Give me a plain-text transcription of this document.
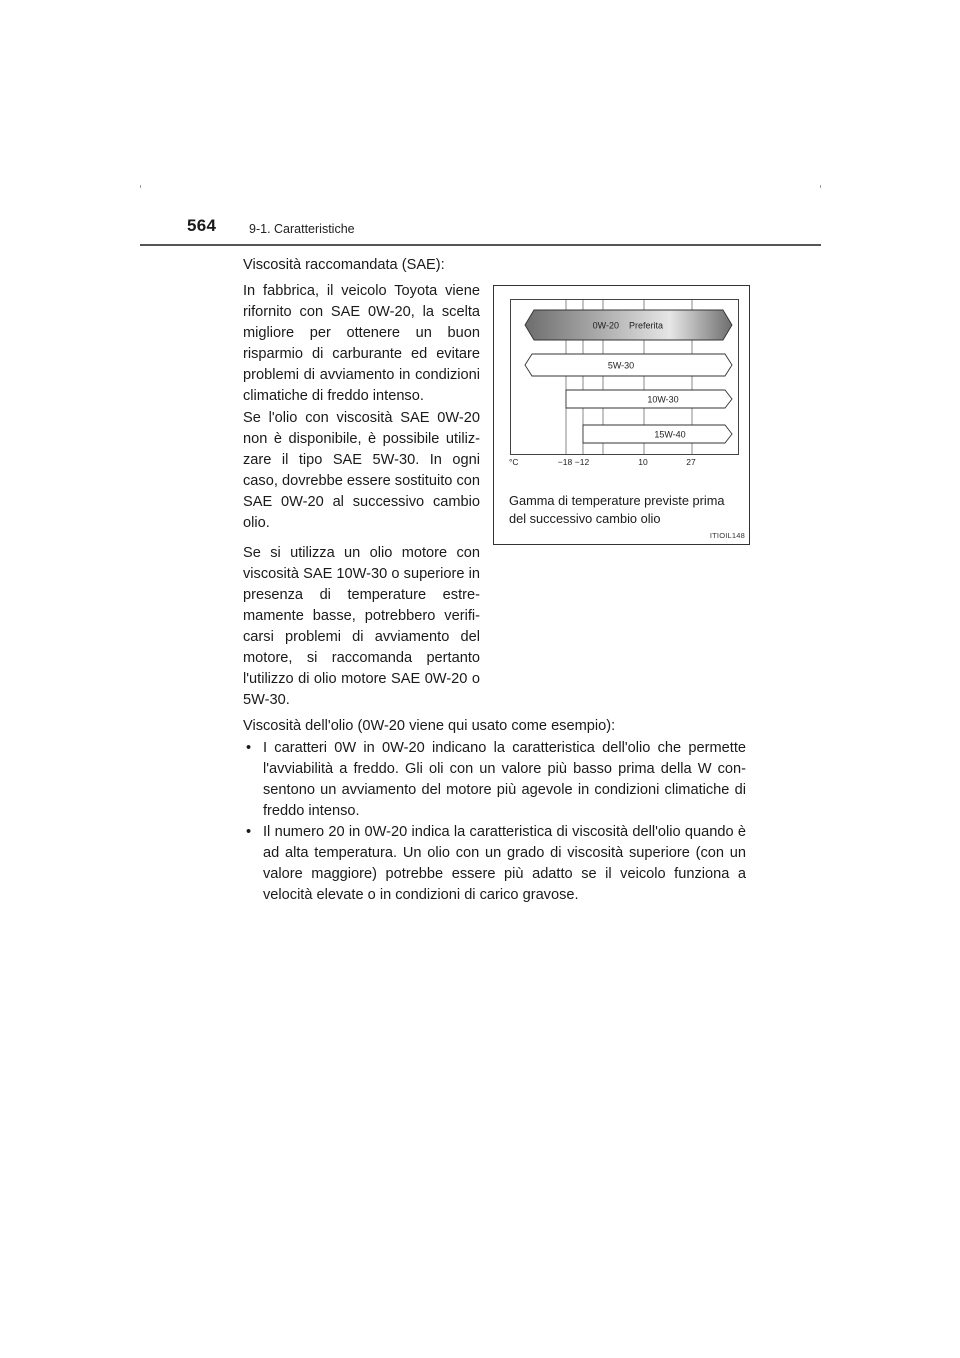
564	9-1. Caratteristiche
Viscosità raccomandata (SAE):
In fabbrica, il veicolo Toyota viene rifornito con SAE 0W-20, la scelta migliore per ottenere un buon risparmio di carburante ed evitare problemi di avviamento in condizioni climatiche di freddo intenso.
Se l'olio con viscosità SAE 0W-20 non è disponibile, è possibile utilizzare il tipo SAE 5W-30. In ogni caso, dovrebbe essere sostituito con SAE 0W-20 al successivo cambio olio.
Se si utilizza un olio motore con viscosità SAE 10W-30 o superiore in presenza di temperature estremamente basse, potrebbero verificarsi problemi di avviamento del motore, si raccomanda pertanto l'utilizzo di olio motore SAE 0W-20 o 5W-30.
Viscosità dell'olio (0W-20 viene qui usato come esempio):
• I caratteri 0W in 0W-20 indicano la caratteristica dell'olio che permette l'avviabilità a freddo. Gli oli con un valore più basso prima della W consentono un avviamento del motore più agevole in condizioni climatiche di freddo intenso.
• Il numero 20 in 0W-20 indica la caratteristica di viscosità dell'olio quando è ad alta temperatura. Un olio con un grado di viscosità superiore (con un valore maggiore) potrebbe essere più adatto se il veicolo funziona a velocità elevate o in condizioni di carico gravose.
0W-20 Preferita
5W-30
10W-30
15W-40
Gamma di temperature previste prima del successivo cambio olio
ITIOIL148
°C	−18 −12	10	27
